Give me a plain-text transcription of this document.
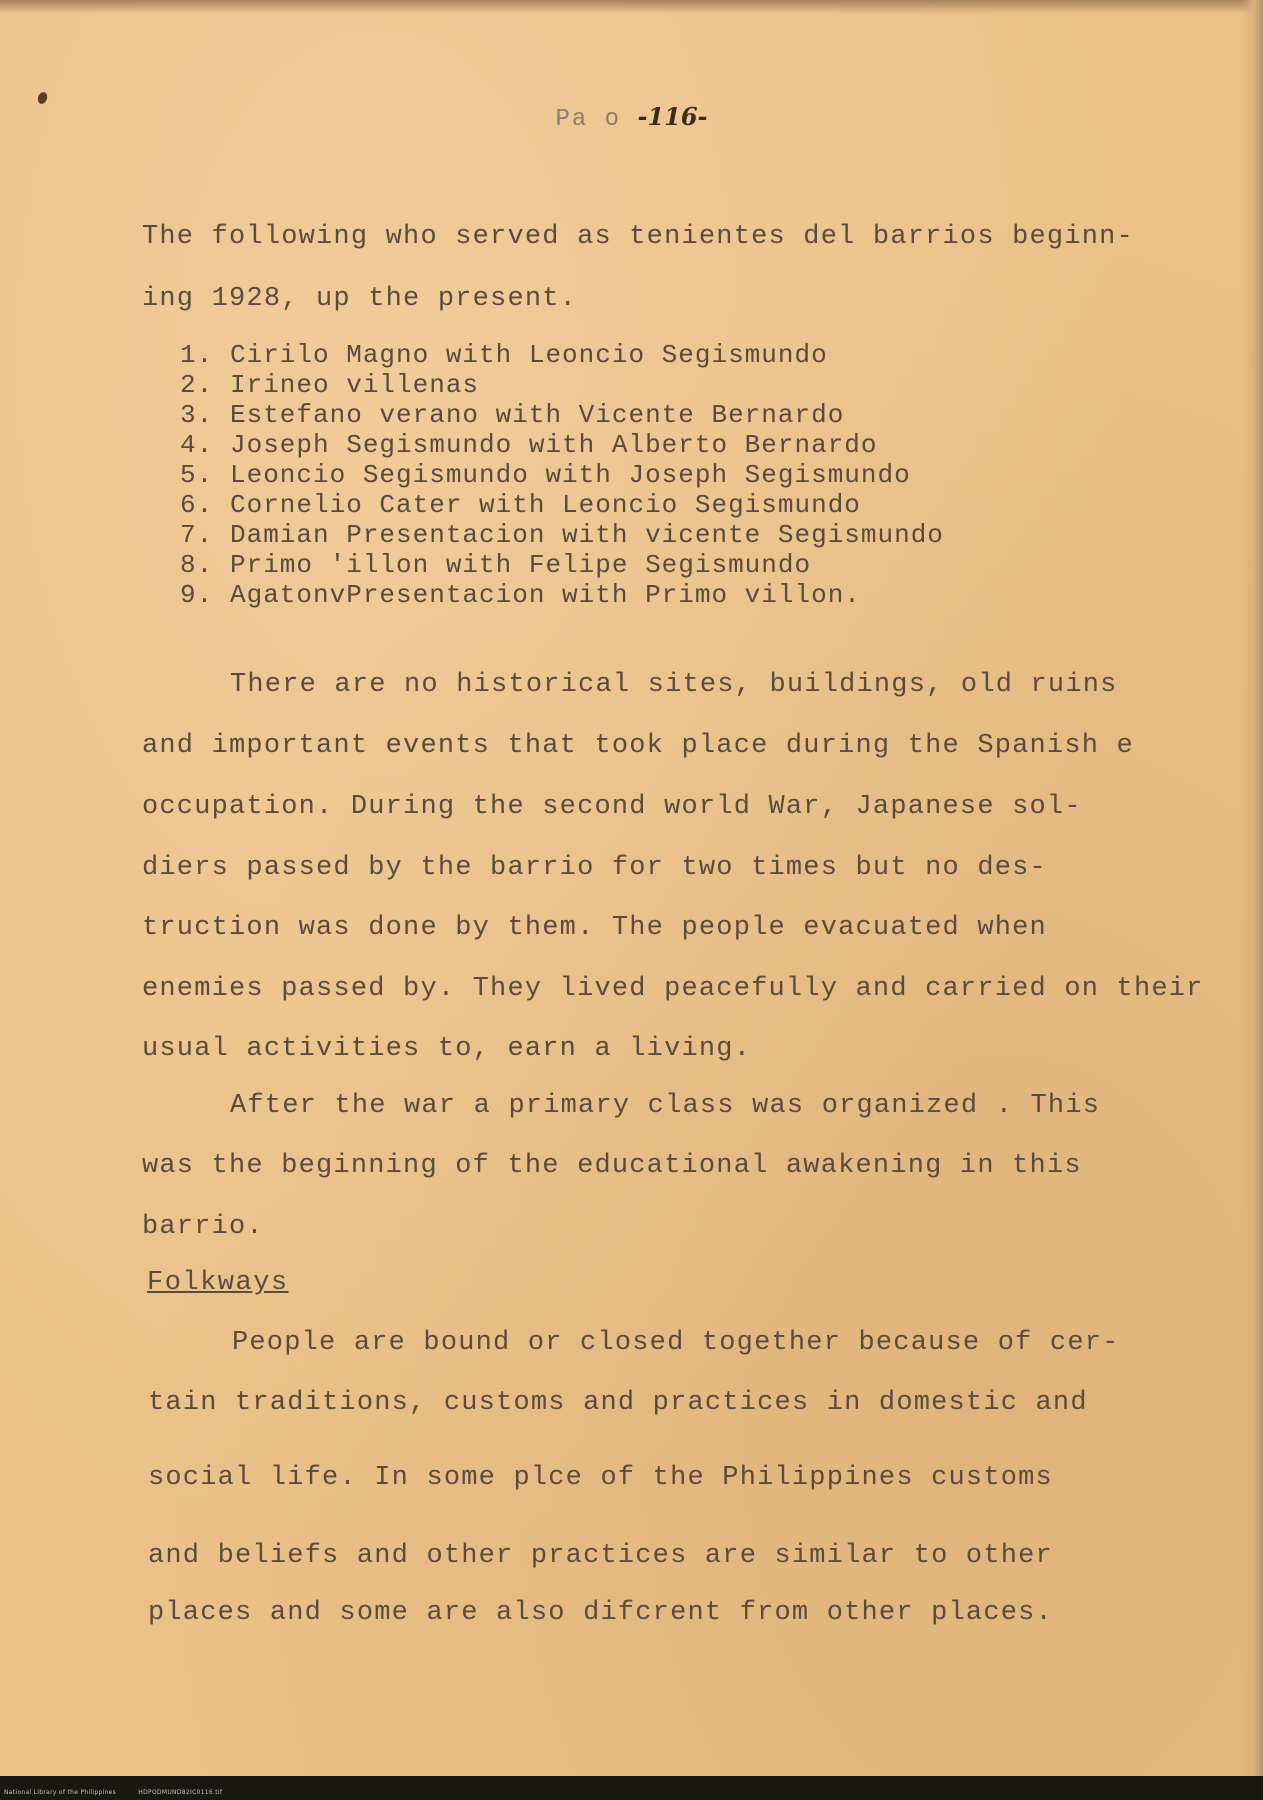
Pa o -116-
The following who served as tenientes del barrios beginn-
ing 1928, up the present.
1. Cirilo Magno with Leoncio Segismundo
2. Irineo villenas
3. Estefano verano with Vicente Bernardo
4. Joseph Segismundo with Alberto Bernardo
5. Leoncio Segismundo with Joseph Segismundo
6. Cornelio Cater with Leoncio Segismundo
7. Damian Presentacion with vicente Segismundo
8. Primo 'illon with Felipe Segismundo
9. AgatonvPresentacion with Primo villon.
There are no historical sites, buildings, old ruins
and important events that took place during the Spanish e
occupation. During the second world War, Japanese sol-
diers passed by the barrio for two times but no des-
truction was done by them. The people evacuated when
enemies passed by. They lived peacefully and carried on their
usual activities to, earn a living.
After the war a primary class was organized . This
was the beginning of the educational awakening in this
barrio.
Folkways
People are bound or closed together because of cer-
tain traditions, customs and practices in domestic and
social life. In some plce of the Philippines customs
and beliefs and other practices are similar to other
places and some are also difcrent from other places.
National Library of the Philippines	HDPODMUND82IC0116.tif
